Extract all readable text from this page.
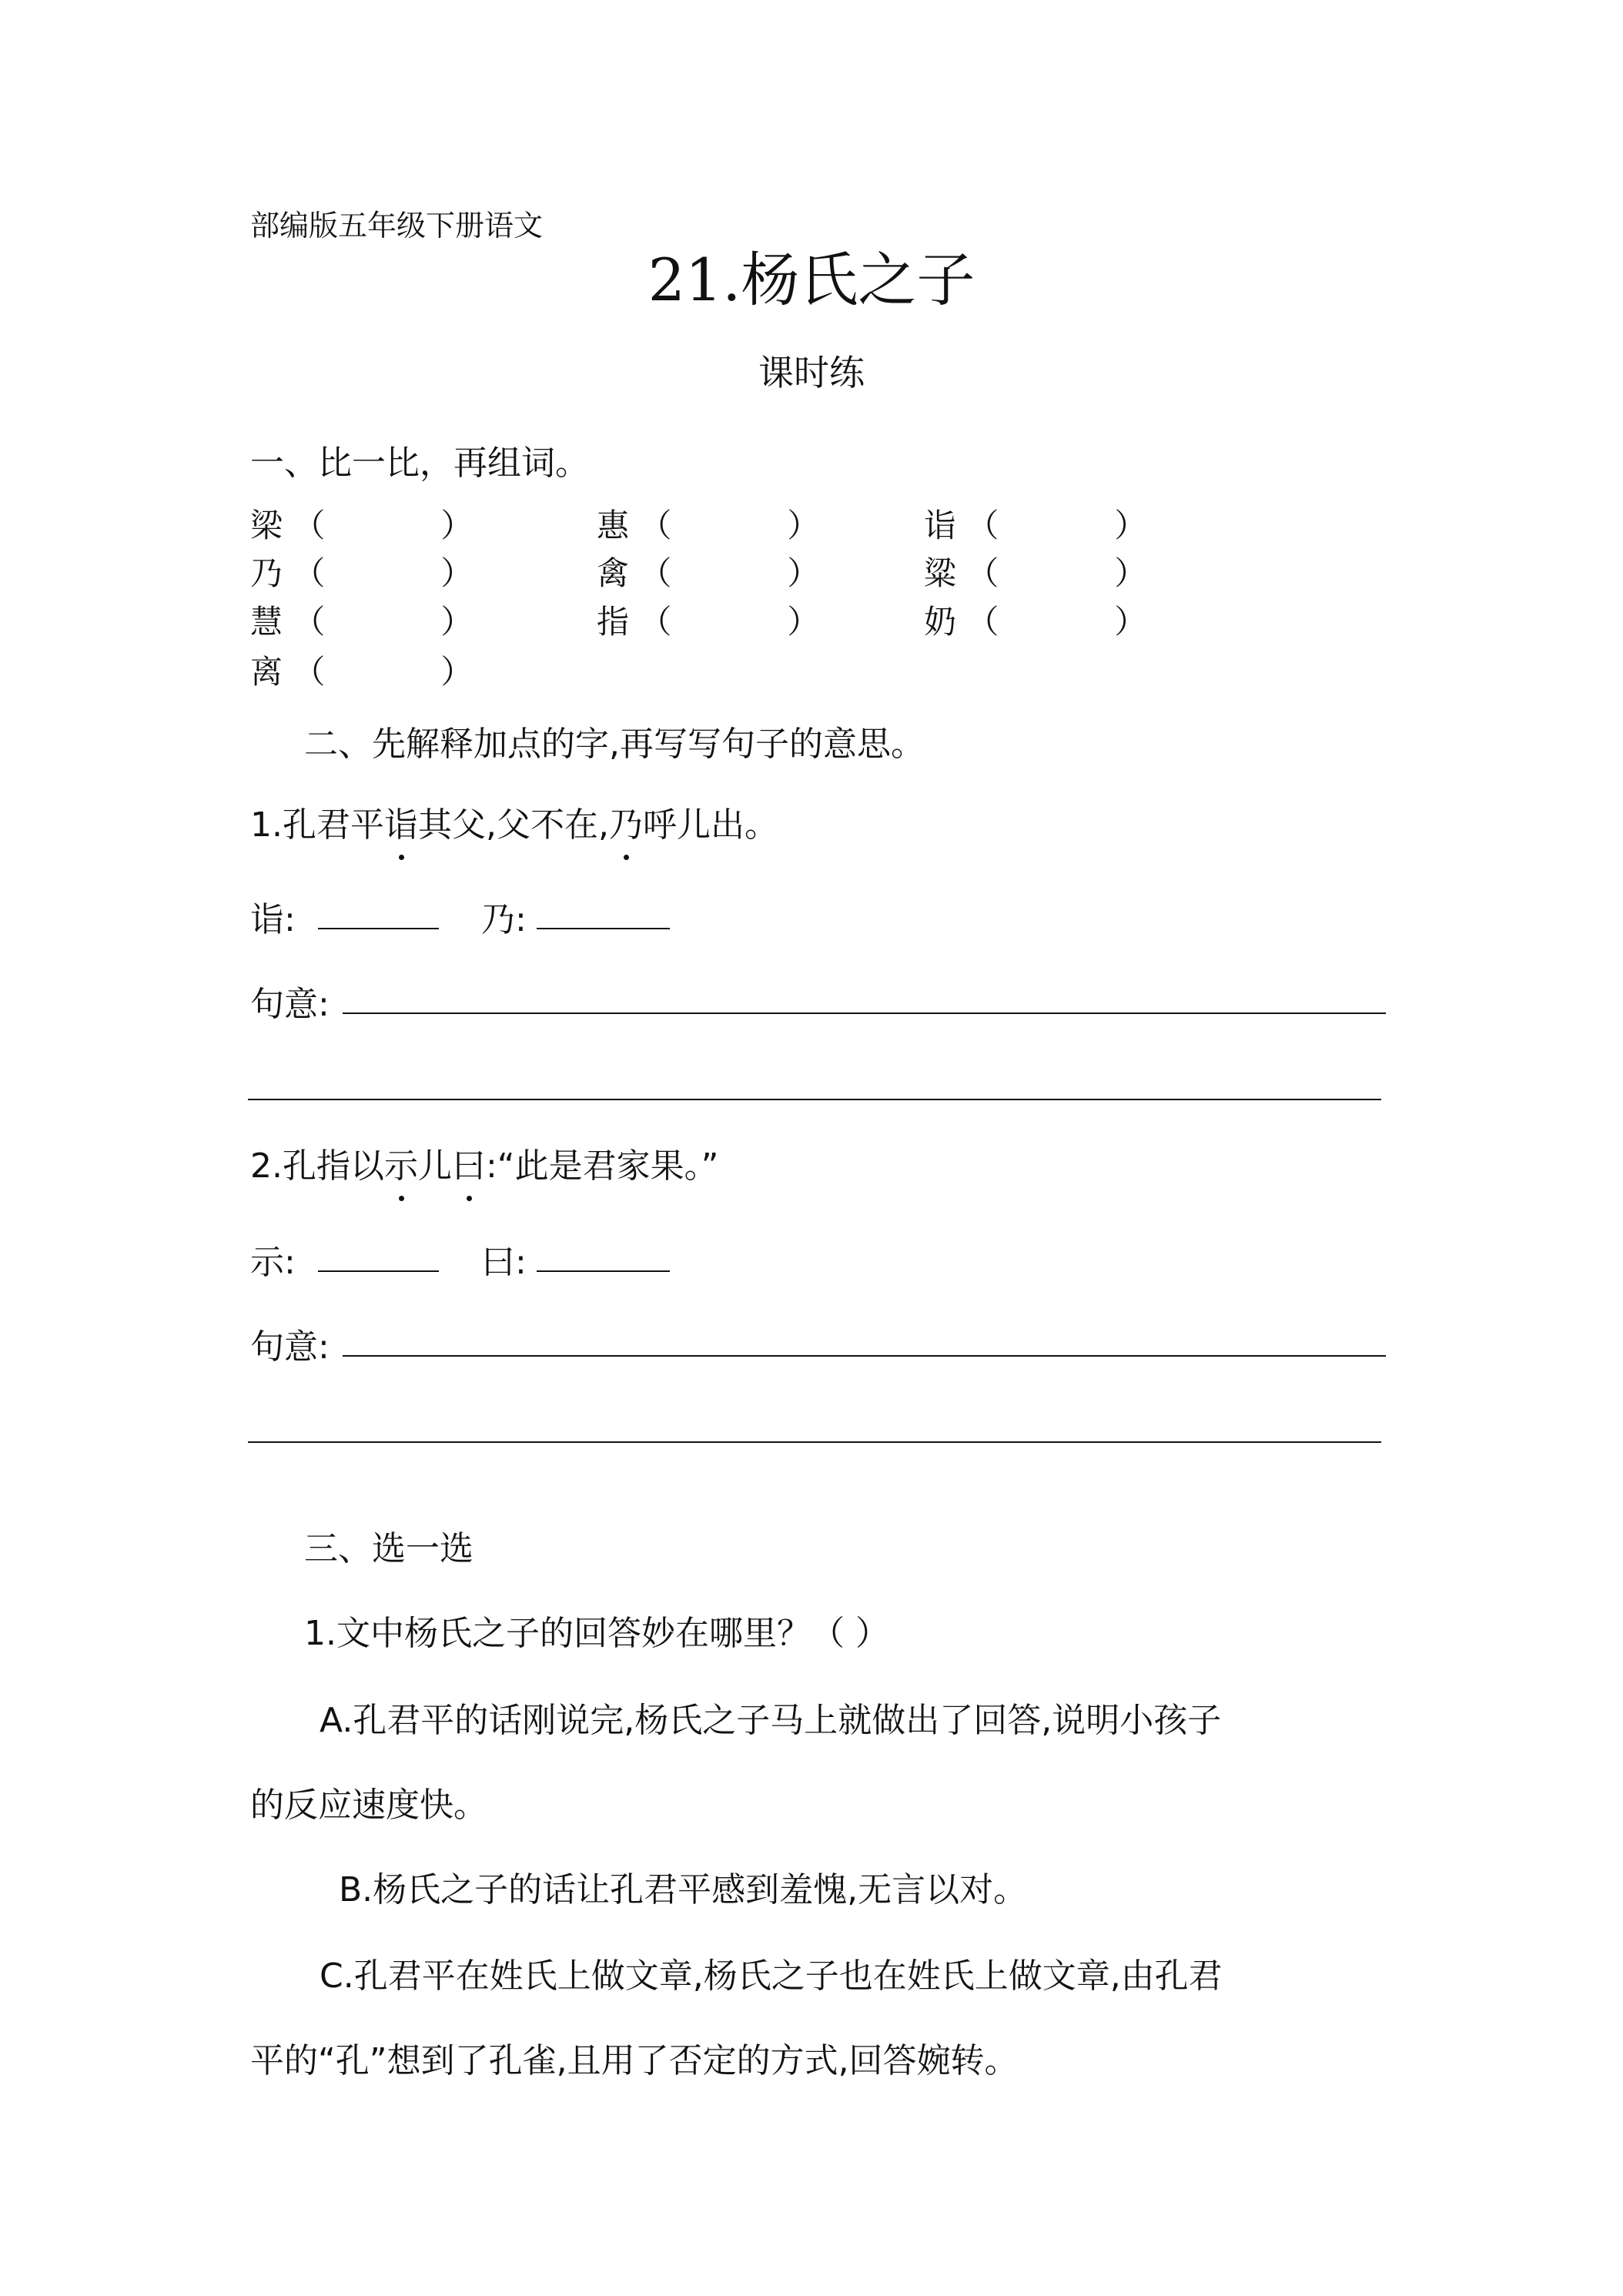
部编版五年级下册语文
21.杨氏之子
课时练
一、比一比，再组词。
梁 （	）	惠 （	）	诣 （	）
乃 （	）	禽 （	）	粱 （	）
慧 （	）	指 （	）	奶 （	）
离 （	）
二、先解释加点的字,再写写句子的意思。
1.孔君平诣其父,父不在,乃呼儿出。
诣:	乃:
句意:
2.孔指以示儿曰:“此是君家果。”
示:	曰:
句意:
三、选一选
1.文中杨氏之子的回答妙在哪里？（ ）
A.孔君平的话刚说完,杨氏之子马上就做出了回答,说明小孩子
的反应速度快。
B.杨氏之子的话让孔君平感到羞愧,无言以对。
C.孔君平在姓氏上做文章,杨氏之子也在姓氏上做文章,由孔君
平的“孔”想到了孔雀,且用了否定的方式,回答婉转。
